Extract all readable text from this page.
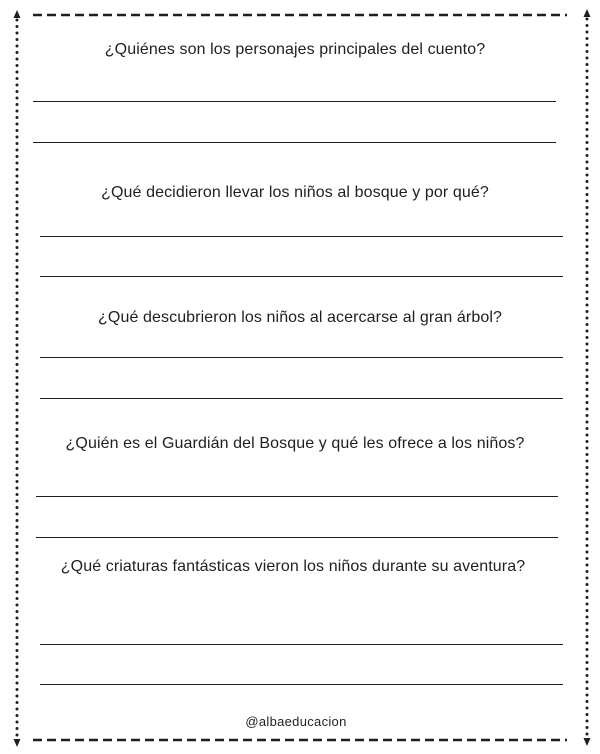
¿Quiénes son los personajes principales del cuento?
¿Qué decidieron llevar los niños al bosque y por qué?
¿Qué descubrieron los niños al acercarse al gran árbol?
¿Quién es el Guardián del Bosque y qué les ofrece a los niños?
¿Qué criaturas fantásticas vieron los niños durante su aventura?
@albaeducacion
